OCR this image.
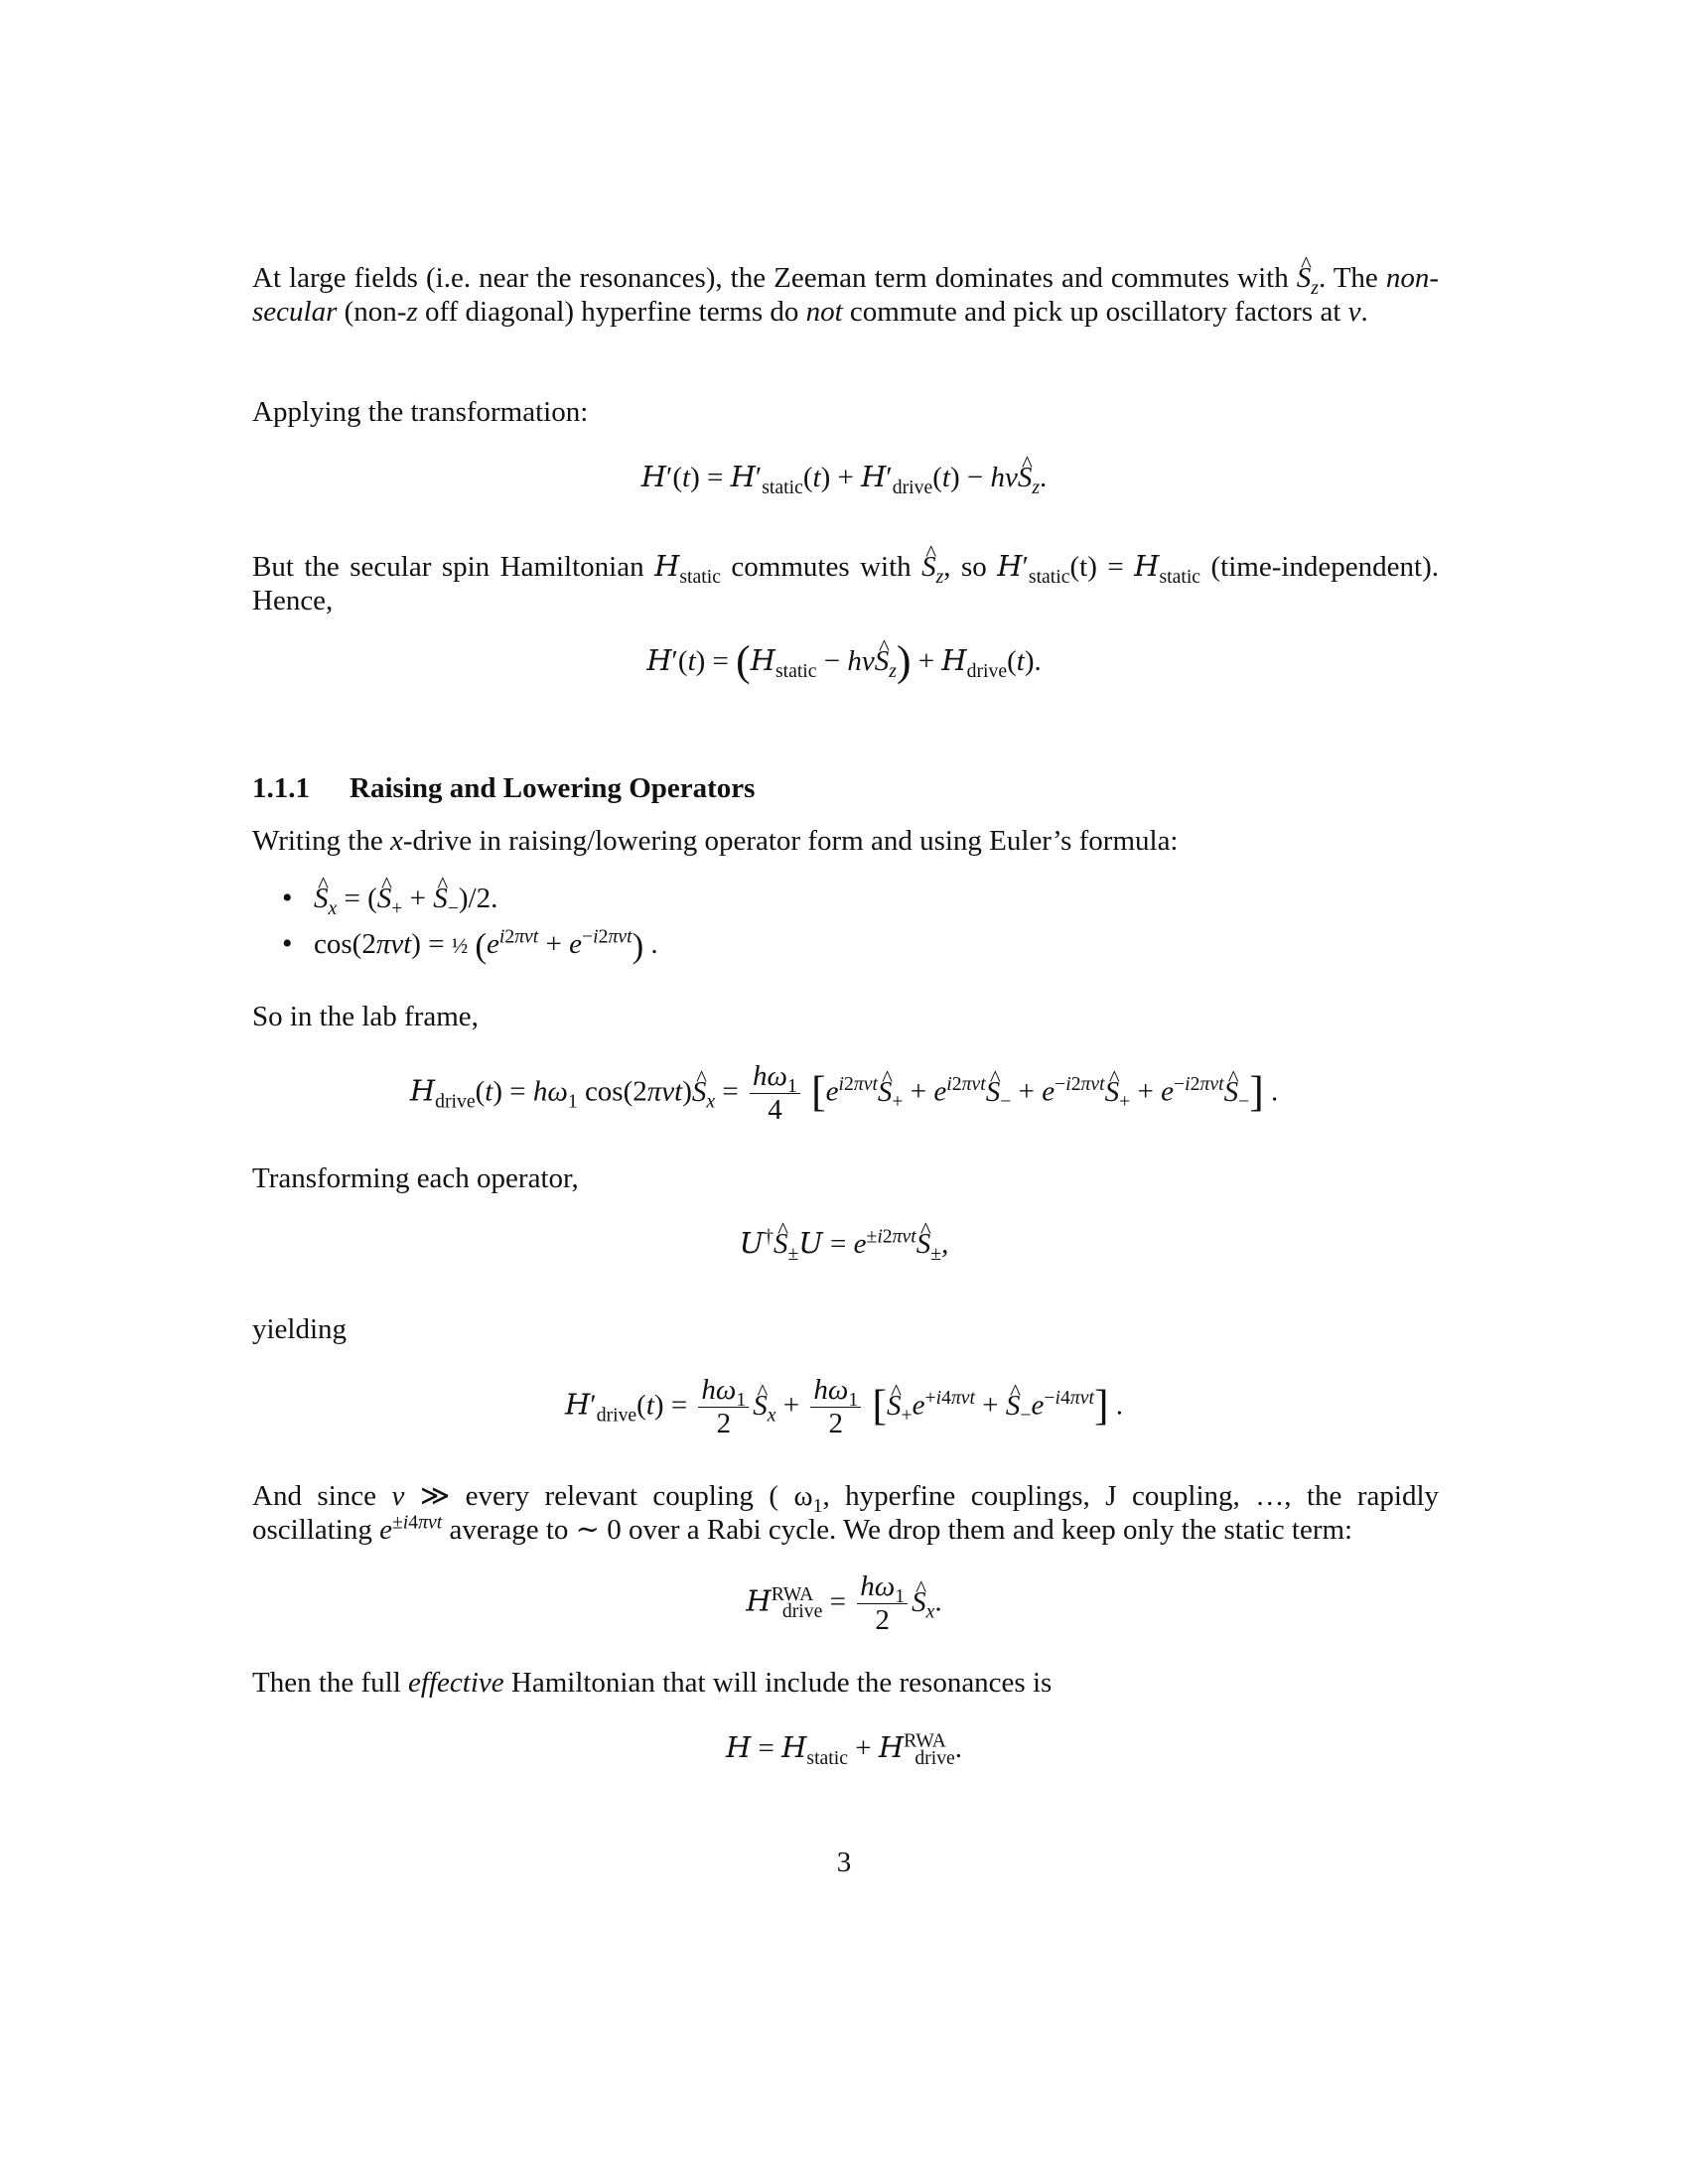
At large fields (i.e. near the resonances), the Zeeman term dominates and commutes with ^ $S_z$. The non-secular (non-z off diagonal) hyperfine terms do not commute and pick up oscillatory factors at ν.
Applying the transformation:
$H'(t) = H'_{static}(t) + H'_{drive}(t)$ − hν^ $S_z$.
But the secular spin Hamiltonian $H_{static}$ commutes with ^ $S_z$, so $H'_{static}(t) = H_{static}$ (time-independent). Hence,
$H'(t) = (H_{static}$ − hν^ $S_z) + H_{drive}(t)$.
1.1.1 Raising and Lowering Operators
Writing the x-drive in raising/lowering operator form and using Euler’s formula:
• ^ $S_x$ = (^ $S_+$ + ^ $S_-)/2$.
• cos(2πνt) = ½ $(e^{i2\pi\nu t} + e^{-i2\pi\nu t})$ .
So in the lab frame,
$H_{drive}(t) = h\omega_1$ cos(2πνt)^ $S_x = \frac{h\omega_1}{4}$ [$e^{i2\pi\nu t}\^{}$ $S_+$ + $e^{i2\pi\nu t}\^{}$ $S_-$ + $e^{-i2\pi\nu t}\^{}$ $S_+$ + $e^{-i2\pi\nu t}\^{}$ $S_-$] .
Transforming each operator,
U†^ $S_\pm U$ = $e^{\pm i2\pi\nu t}\^{}$ $S_\pm$,
yielding
$H'_{drive}(t) = \frac{h\omega_1}{2}$ ^ $S_x + \frac{h\omega_1}{2}$ [^ $S_+e^{+i4\pi\nu t}$ + ^ $S_-e^{-i4\pi\nu t}$] .
And since ν ≫ every relevant coupling ( $\omega_1$, hyperfine couplings, J coupling, …, the rapidly oscillating $e^{\pm i4\pi\nu t}$ average to ∼ 0 over a Rabi cycle. We drop them and keep only the static term:
$H^{RWA}_{drive} = \frac{h\omega_1}{2}$ ^ $S_x$.
Then the full effective Hamiltonian that will include the resonances is
$H = H_{static} + H^{RWA}_{drive}$.
3
